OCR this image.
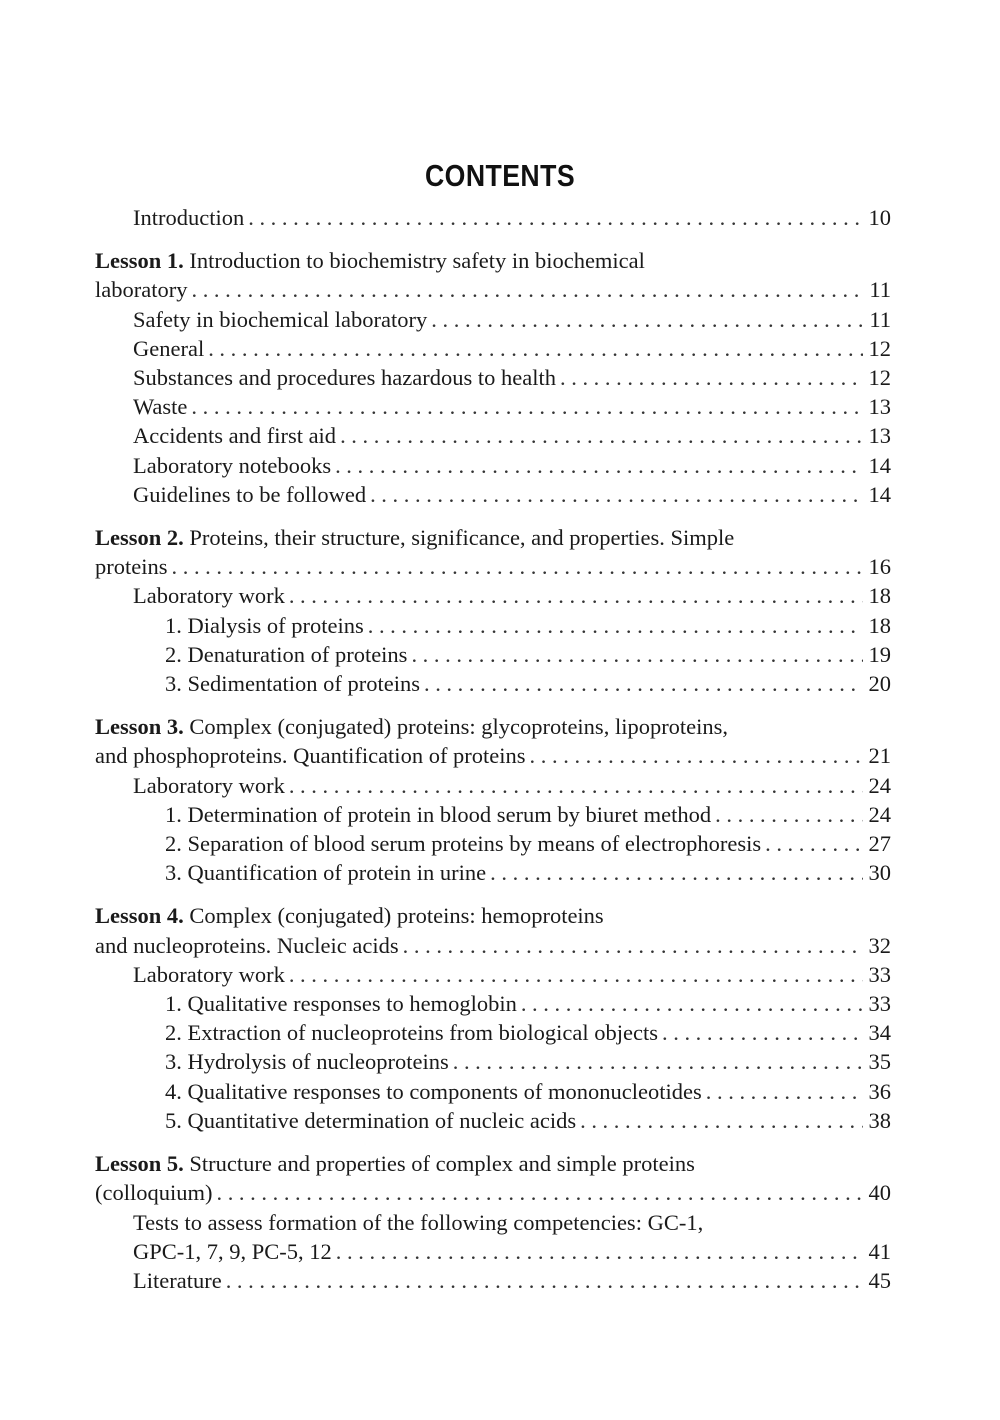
CONTENTS
Introduction .....	10
Lesson 1. Introduction to biochemistry safety in biochemical
laboratory .....	11
Safety in biochemical laboratory .....	11
General .....	12
Substances and procedures hazardous to health .....	12
Waste .....	13
Accidents and first aid .....	13
Laboratory notebooks .....	14
Guidelines to be followed .....	14
Lesson 2. Proteins, their structure, significance, and properties. Simple
proteins .....	16
Laboratory work .....	18
1. Dialysis of proteins .....	18
2. Denaturation of proteins .....	19
3. Sedimentation of proteins .....	20
Lesson 3. Complex (conjugated) proteins: glycoproteins, lipoproteins,
and phosphoproteins. Quantification of proteins .....	21
Laboratory work .....	24
1. Determination of protein in blood serum by biuret method .....	24
2. Separation of blood serum proteins by means of electrophoresis .....	27
3. Quantification of protein in urine .....	30
Lesson 4. Complex (conjugated) proteins: hemoproteins
and nucleoproteins. Nucleic acids .....	32
Laboratory work .....	33
1. Qualitative responses to hemoglobin .....	33
2. Extraction of nucleoproteins from biological objects .....	34
3. Hydrolysis of nucleoproteins .....	35
4. Qualitative responses to components of mononucleotides .....	36
5. Quantitative determination of nucleic acids .....	38
Lesson 5. Structure and properties of complex and simple proteins
(colloquium) .....	40
Tests to assess formation of the following competencies: GC-1,
GPC-1, 7, 9, PC-5, 12 .....	41
Literature .....	45
